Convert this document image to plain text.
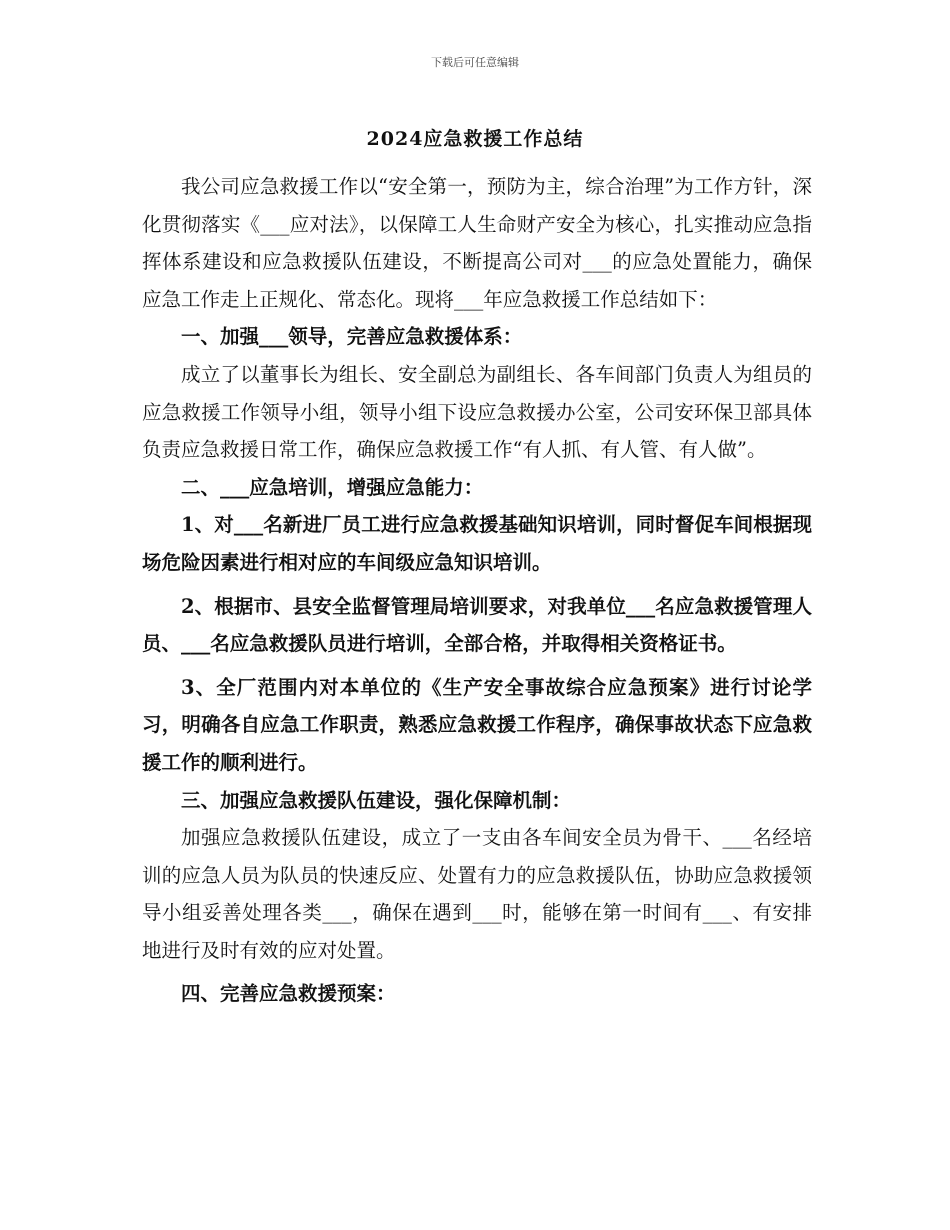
下载后可任意编辑
2024应急救援工作总结

我公司应急救援工作以“安全第一，预防为主，综合治理”为工作方针，深化贯彻落实《___应对法》，以保障工人生命财产安全为核心，扎实推动应急指挥体系建设和应急救援队伍建设，不断提高公司对___的应急处置能力，确保应急工作走上正规化、常态化。现将___年应急救援工作总结如下：

一、加强___领导，完善应急救援体系：

成立了以董事长为组长、安全副总为副组长、各车间部门负责人为组员的应急救援工作领导小组，领导小组下设应急救援办公室，公司安环保卫部具体负责应急救援日常工作，确保应急救援工作“有人抓、有人管、有人做”。

二、___应急培训，增强应急能力：

1、对___名新进厂员工进行应急救援基础知识培训，同时督促车间根据现场危险因素进行相对应的车间级应急知识培训。

2、根据市、县安全监督管理局培训要求，对我单位___名应急救援管理人员、___名应急救援队员进行培训，全部合格，并取得相关资格证书。

3、全厂范围内对本单位的《生产安全事故综合应急预案》进行讨论学习，明确各自应急工作职责，熟悉应急救援工作程序，确保事故状态下应急救援工作的顺利进行。

三、加强应急救援队伍建设，强化保障机制：

加强应急救援队伍建设，成立了一支由各车间安全员为骨干、___名经培训的应急人员为队员的快速反应、处置有力的应急救援队伍，协助应急救援领导小组妥善处理各类___，确保在遇到___时，能够在第一时间有___、有安排地进行及时有效的应对处置。

四、完善应急救援预案：
